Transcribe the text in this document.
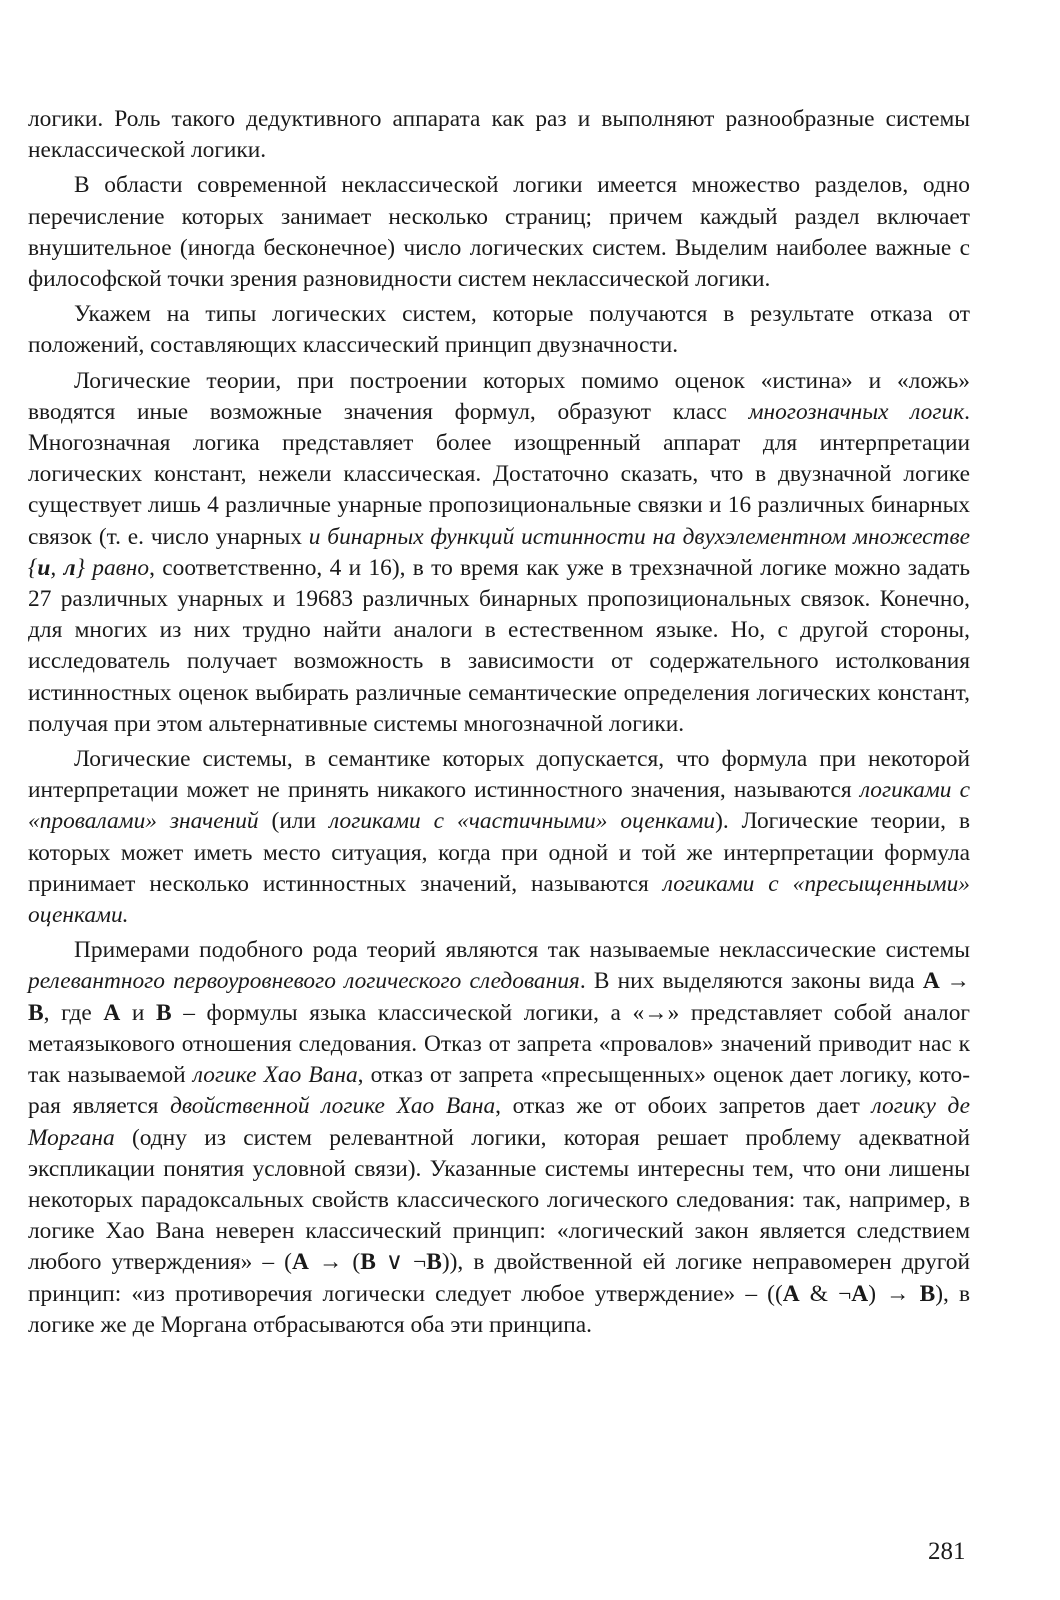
логики. Роль такого дедуктивного аппарата как раз и выполняют разнообразные системы неклассической логики.

В области современной неклассической логики имеется множество разделов, одно перечисление которых занимает несколько страниц; причем каждый раздел включает внушительное (иногда бесконечное) число логических систем. Выделим наиболее важные с философской точки зрения разновидности систем неклассической логики.

Укажем на типы логических систем, которые получаются в результате отказа от положений, составляющих классический принцип двузначности.

Логические теории, при построении которых помимо оценок «истина» и «ложь» вводятся иные возможные значения формул, образуют класс многозначных логик. Многозначная логика представляет более изощренный аппарат для интерпретации логических констант, нежели классическая. Достаточно сказать, что в двузначной логике существует лишь 4 различные унарные пропозициональные связки и 16 различных бинарных связок (т. е. число унарных и бинарных функций истинности на двухэлементном множестве {и, л} равно, соответственно, 4 и 16), в то время как уже в трехзначной логике можно задать 27 различных унарных и 19683 различных бинарных пропозициональных связок. Конечно, для многих из них трудно найти аналоги в естественном языке. Но, с другой стороны, исследователь получает возможность в зависимости от содержательного истолкования истинностных оценок выбирать различные семантические определения логических констант, получая при этом альтернативные системы многозначной логики.

Логические системы, в семантике которых допускается, что формула при некоторой интерпретации может не принять никакого истинностного значения, называются логиками с «провалами» значений (или логиками с «частичными» оценками). Логические теории, в которых может иметь место ситуация, когда при одной и той же интерпретации формула принимает несколько истинностных значений, называются логиками с «пресыщенными» оценками.

Примерами подобного рода теорий являются так называемые неклассические системы релевантного первоуровневого логического следования. В них выделяются законы вида A → B, где A и B – формулы языка классической логики, а «→» представляет собой аналог метаязыкового отношения следования. Отказ от запрета «провалов» значений приводит нас к так называемой логике Хао Вана, отказ от запрета «пресыщенных» оценок дает логику, которая является двойственной логике Хао Вана, отказ же от обоих запретов дает логику де Моргана (одну из систем релевантной логики, которая решает проблему адекватной экспликации понятия условной связи). Указанные системы интересны тем, что они лишены некоторых парадоксальных свойств классического логического следования: так, например, в логике Хао Вана неверен классический принцип: «логический закон является следствием любого утверждения» – (A → (B ∨ ¬B)), в двойственной ей логике неправомерен другой принцип: «из противоречия логически следует любое утверждение» – ((A & ¬A) → B), в логике же де Моргана отбрасываются оба эти принципа.

281
